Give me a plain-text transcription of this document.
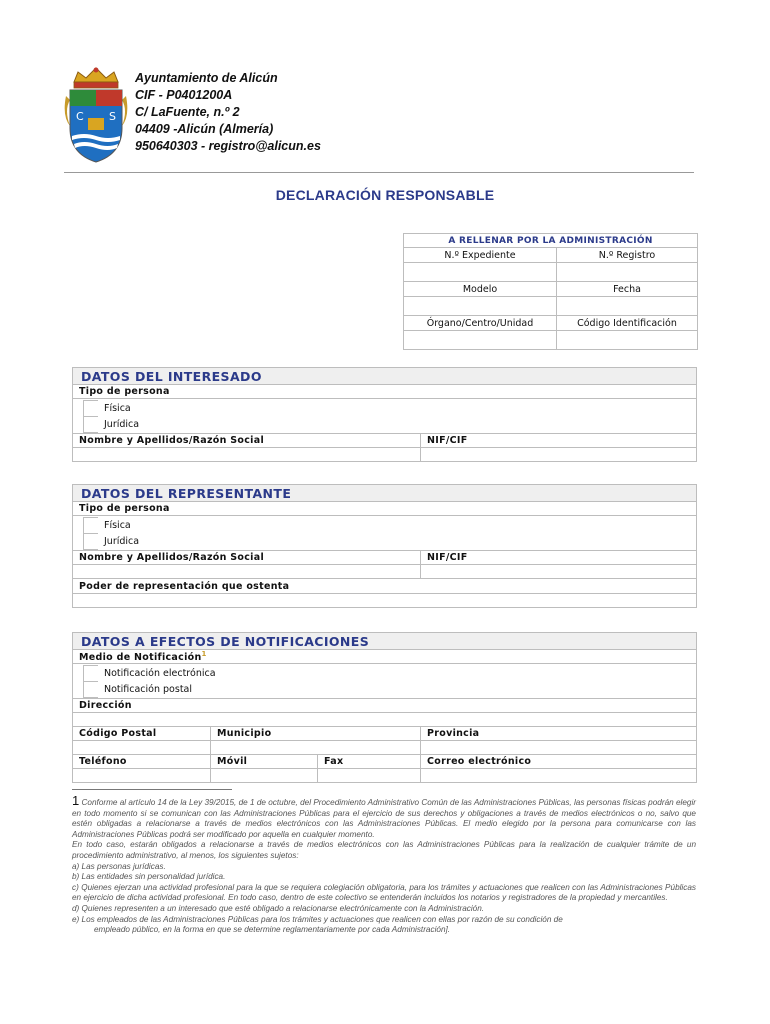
C S
Ayuntamiento de Alicún
CIF - P0401200A
C/ LaFuente, n.º 2
04409 -Alicún (Almería)
950640303 - registro@alicun.es
DECLARACIÓN RESPONSABLE
A RELLENAR POR LA ADMINISTRACIÓN	
N.º Expediente	N.º Registro

Modelo	Fecha

Órgano/Centro/Unidad	Código Identificación

DATOS DEL INTERESADO	
Tipo de persona	

Física
Jurídica	

Nombre y Apellidos/Razón Social	NIF/CIF

DATOS DEL REPRESENTANTE	
Tipo de persona	

Física
Jurídica	

Nombre y Apellidos/Razón Social	NIF/CIF

Poder de representación que ostenta	

DATOS A EFECTOS DE NOTIFICACIONES			
Medio de Notificación$^1$

Notificación electrónica
Notificación postal			

Dirección			

Código Postal	Municipio		Provincia

Teléfono	Móvil	Fax	Correo electrónico

1 Conforme al artículo 14 de la Ley 39/2015, de 1 de octubre, del Procedimiento Administrativo Común de las Administraciones Públicas, las personas físicas podrán elegir en todo momento si se comunican con las Administraciones Públicas para el ejercicio de sus derechos y obligaciones a través de medios electrónicos o no, salvo que estén obligadas a relacionarse a través de medios electrónicos con las Administraciones Públicas. El medio elegido por la persona para comunicarse con las Administraciones Públicas podrá ser modificado por aquella en cualquier momento.

En todo caso, estarán obligados a relacionarse a través de medios electrónicos con las Administraciones Públicas para la realización de cualquier trámite de un procedimiento administrativo, al menos, los siguientes sujetos:

a) Las personas jurídicas.

b) Las entidades sin personalidad jurídica.

c) Quienes ejerzan una actividad profesional para la que se requiera colegiación obligatoria, para los trámites y actuaciones que realicen con las Administraciones Públicas en ejercicio de dicha actividad profesional. En todo caso, dentro de este colectivo se entenderán incluidos los notarios y registradores de la propiedad y mercantiles.

d) Quienes representen a un interesado que esté obligado a relacionarse electrónicamente con la Administración.

e) Los empleados de las Administraciones Públicas para los trámites y actuaciones que realicen con ellas por razón de su condición de

empleado público, en la forma en que se determine reglamentariamente por cada Administración].
